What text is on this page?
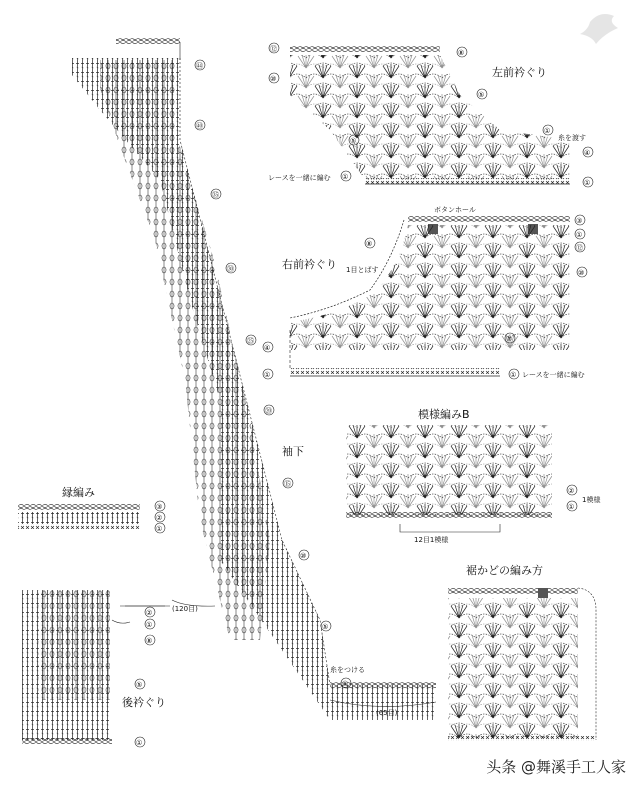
㊹
㊵
㉟
㉚
㉕
⑳
⑮
⑩
⑤
①
袖下
糸をつける
(65目)
左前衿ぐり
⑫
⑩
⑤
①
⑧
⑤
④
①
①
糸を渡す
レースを一緒に編む
右前衿ぐり
ボタンホール
1目とばす
③
①
⑫
⑩
⑤
⑧
④
①	① レースを一緒に編む
模様編みB
②
①
1模様
12目1模様
縁編み
③
②
①
後衿ぐり
(120目)
②
①
⑧
⑤
①
裾かどの編み方
头条 @舞溪手工人家
